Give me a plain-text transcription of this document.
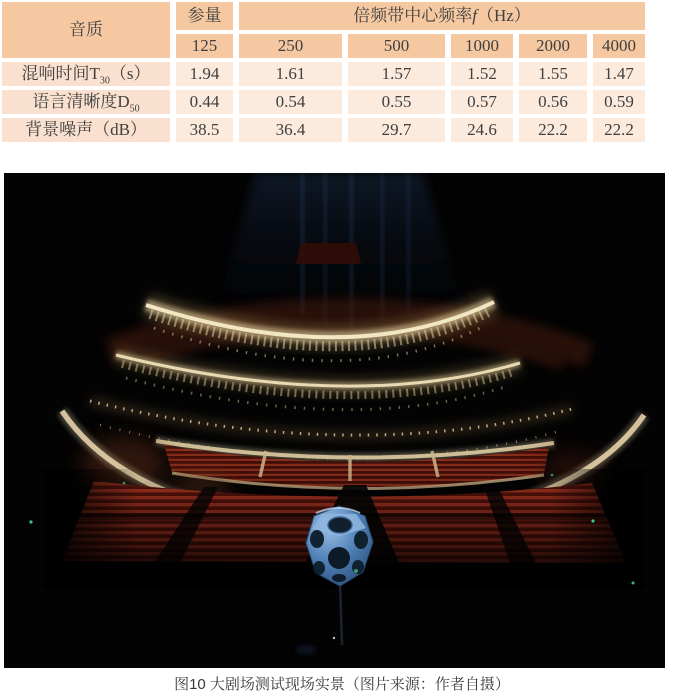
音质	参量	倍频带中心频率f（Hz）				
	125	250	500	1000	2000	4000
混响时间$T_{30}(s)$	1.94	1.61	1.57	1.52	1.55	1.47
语言清晰度$D_{50}$	0.44	0.54	0.55	0.57	0.56	0.59
背景噪声（dB）	38.5	36.4	29.7	24.6	22.2	22.2
图10 大剧场测试现场实景（图片来源：作者自摄）
